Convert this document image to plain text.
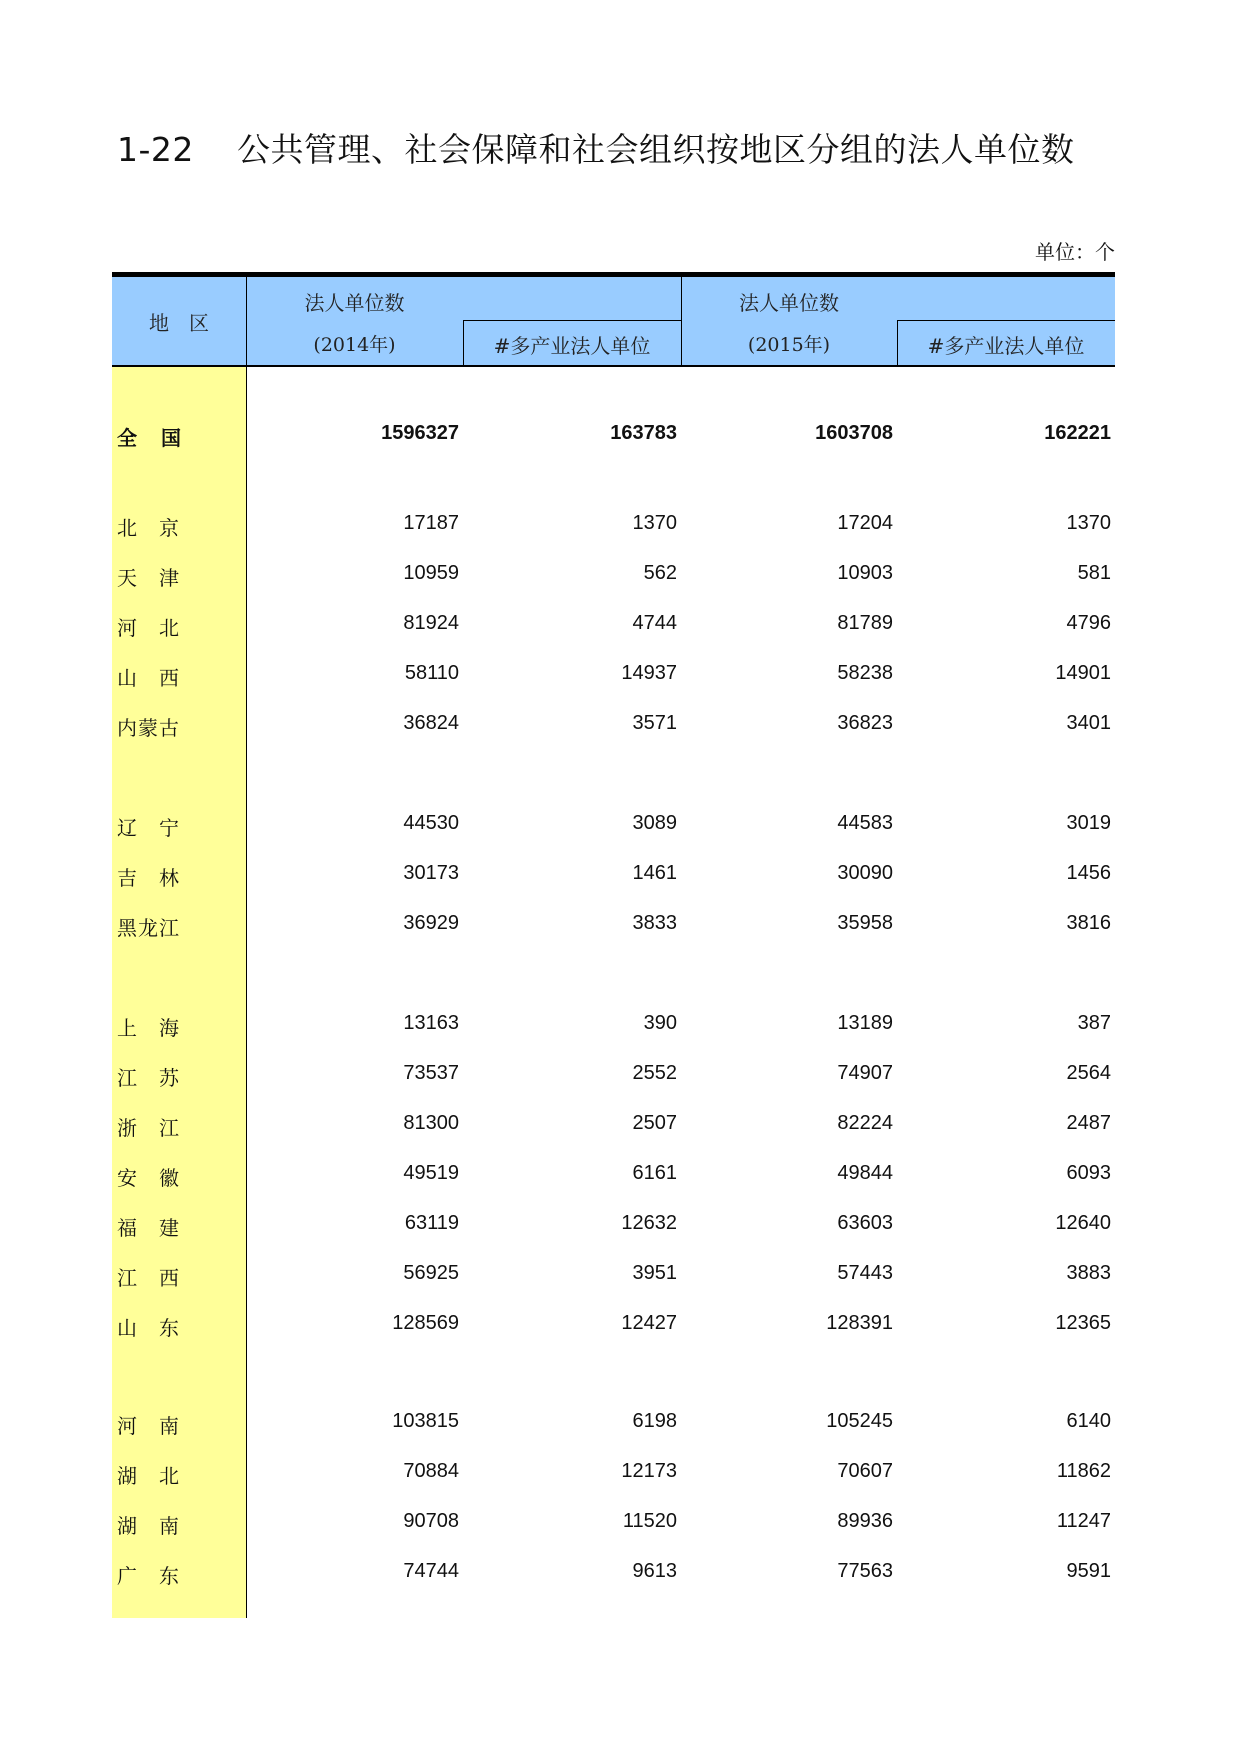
1-22 公共管理、社会保障和社会组织按地区分组的法人单位数
单位：个
地　区
法人单位数
(2014年)	#多产业法人单位
法人单位数
(2015年)	#多产业法人单位
全　国	1596327	163783	1603708	162221
北　京	17187	1370	17204	1370
天　津	10959	562	10903	581
河　北	81924	4744	81789	4796
山　西	58110	14937	58238	14901
内蒙古	36824	3571	36823	3401
辽　宁	44530	3089	44583	3019
吉　林	30173	1461	30090	1456
黑龙江	36929	3833	35958	3816
上　海	13163	390	13189	387
江　苏	73537	2552	74907	2564
浙　江	81300	2507	82224	2487
安　徽	49519	6161	49844	6093
福　建	63119	12632	63603	12640
江　西	56925	3951	57443	3883
山　东	128569	12427	128391	12365
河　南	103815	6198	105245	6140
湖　北	70884	12173	70607	11862
湖　南	90708	11520	89936	11247
广　东	74744	9613	77563	9591
